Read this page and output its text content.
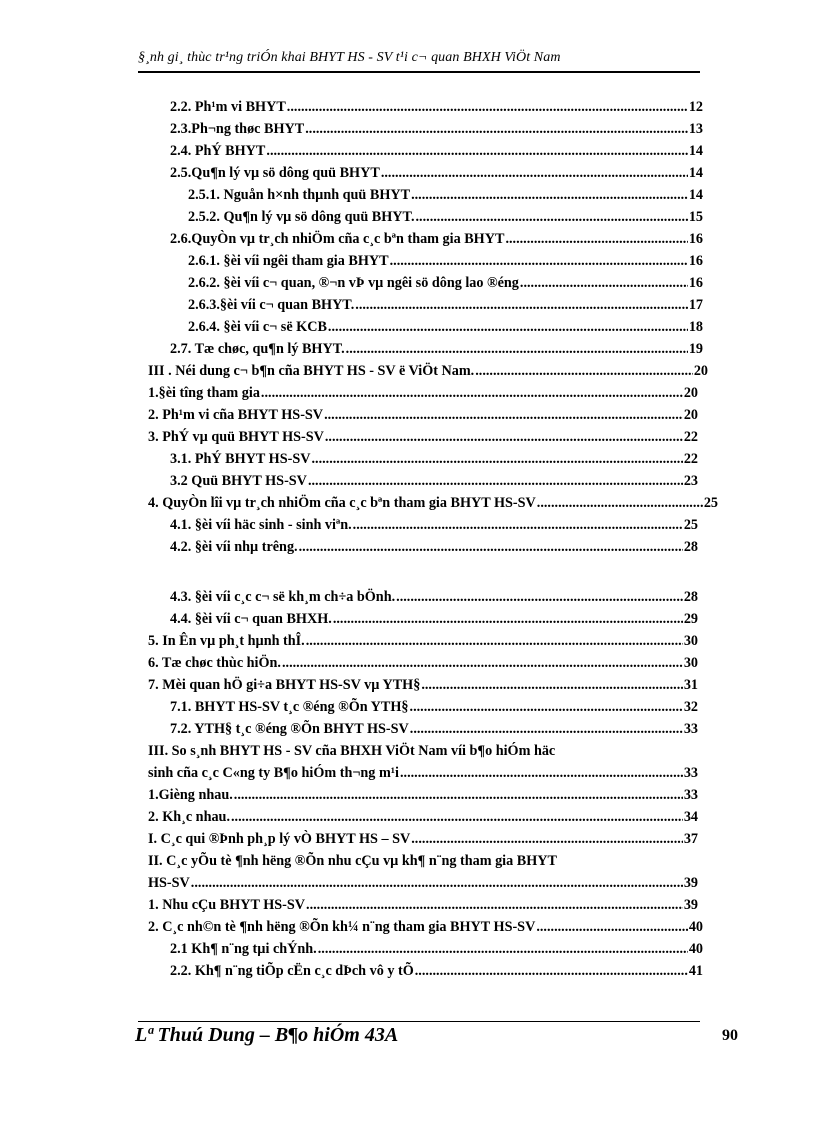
§¸nh gi¸ thùc tr¹ng triÓn khai BHYT HS - SV t¹i c¬ quan BHXH ViÖt Nam
2.2. Ph¹m vi BHYT .....	12
2.3.Ph¬ng thøc BHYT .....	13
2.4. PhÝ BHYT .....	14
2.5.Qu¶n lý vµ sö dông quü BHYT .....	14
2.5.1. Nguån h×nh thµnh quü BHYT .....	14
2.5.2. Qu¶n lý vµ sö dông quü BHYT. .....	15
2.6.QuyÒn vµ tr¸ch nhiÖm cña c¸c bªn tham gia BHYT .....	16
2.6.1. §èi víi ngêi tham gia BHYT .....	16
2.6.2. §èi víi c¬ quan, ®¬n vÞ vµ ngêi sö dông lao ®éng .....	16
2.6.3.§èi víi c¬ quan BHYT. .....	17
2.6.4. §èi víi c¬ së KCB .....	18
2.7. Tæ chøc, qu¶n lý BHYT. .....	19
III . Néi dung c¬ b¶n cña BHYT HS - SV ë ViÖt Nam. .....	20
1.§èi tîng tham gia .....	20
2. Ph¹m vi cña BHYT HS-SV .....	20
3. PhÝ vµ quü BHYT HS-SV .....	22
3.1. PhÝ BHYT HS-SV .....	22
3.2 Quü BHYT HS-SV .....	23
4. QuyÒn lîi vµ tr¸ch nhiÖm cña c¸c bªn tham gia BHYT HS-SV .....	25
4.1. §èi víi häc sinh - sinh viªn. .....	25
4.2. §èi víi nhµ trêng. .....	28
4.3. §èi víi c¸c c¬ së kh¸m ch÷a bÖnh. .....	28
4.4. §èi víi c¬ quan BHXH. .....	29
5. In Ên vµ ph¸t hµnh thÎ. .....	30
6. Tæ chøc thùc hiÖn. .....	30
7. Mèi quan hÖ gi÷a BHYT HS-SV vµ YTH§ .....	31
7.1. BHYT HS-SV t¸c ®éng ®Õn YTH§ .....	32
7.2. YTH§ t¸c ®éng ®Õn BHYT HS-SV .....	33
III. So s¸nh BHYT HS - SV cña BHXH ViÖt Nam víi b¶o hiÓm häc
sinh cña c¸c C«ng ty B¶o hiÓm th¬ng m¹i .....	33
1.Gièng nhau. .....	33
2. Kh¸c nhau. .....	34
I. C¸c qui ®Þnh ph¸p lý vÒ BHYT HS – SV .....	37
II. C¸c yÕu tè ¶nh hëng ®Õn nhu cÇu vµ kh¶ n¨ng tham gia BHYT
HS-SV .....	39
1. Nhu cÇu BHYT HS-SV .....	39
2. C¸c nh©n tè ¶nh hëng ®Õn kh¼ n¨ng tham gia BHYT HS-SV .....	40
2.1 Kh¶ n¨ng tµi chÝnh. .....	40
2.2. Kh¶ n¨ng tiÕp cËn c¸c dÞch vô y tÕ .....	41
Lª Thuú Dung – B¶o hiÓm 43A	90
